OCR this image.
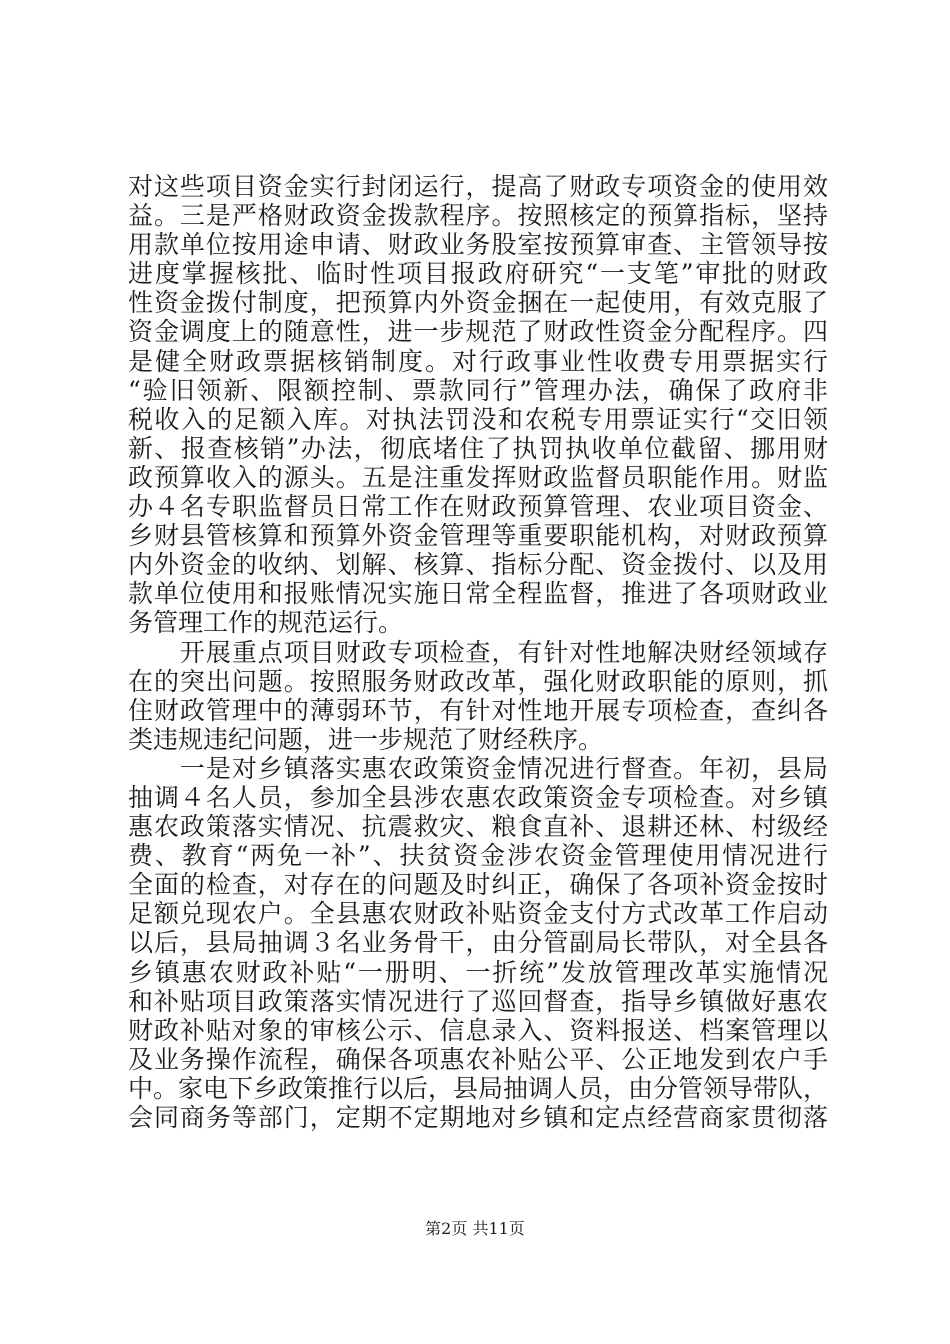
对这些项目资金实行封闭运行，提高了财政专项资金的使用效
益。三是严格财政资金拨款程序。按照核定的预算指标，坚持
用款单位按用途申请、财政业务股室按预算审查、主管领导按
进度掌握核批、临时性项目报政府研究“一支笔”审批的财政
性资金拨付制度，把预算内外资金捆在一起使用，有效克服了
资金调度上的随意性，进一步规范了财政性资金分配程序。四
是健全财政票据核销制度。对行政事业性收费专用票据实行
“验旧领新、限额控制、票款同行”管理办法，确保了政府非
税收入的足额入库。对执法罚没和农税专用票证实行“交旧领
新、报查核销”办法，彻底堵住了执罚执收单位截留、挪用财
政预算收入的源头。五是注重发挥财政监督员职能作用。财监
办４名专职监督员日常工作在财政预算管理、农业项目资金、
乡财县管核算和预算外资金管理等重要职能机构，对财政预算
内外资金的收纳、划解、核算、指标分配、资金拨付、以及用
款单位使用和报账情况实施日常全程监督，推进了各项财政业
务管理工作的规范运行。

　　开展重点项目财政专项检查，有针对性地解决财经领域存
在的突出问题。按照服务财政改革，强化财政职能的原则，抓
住财政管理中的薄弱环节，有针对性地开展专项检查，查纠各
类违规违纪问题，进一步规范了财经秩序。

　　一是对乡镇落实惠农政策资金情况进行督查。年初，县局
抽调４名人员，参加全县涉农惠农政策资金专项检查。对乡镇
惠农政策落实情况、抗震救灾、粮食直补、退耕还林、村级经
费、教育“两免一补”、扶贫资金涉农资金管理使用情况进行
全面的检查，对存在的问题及时纠正，确保了各项补资金按时
足额兑现农户。全县惠农财政补贴资金支付方式改革工作启动
以后，县局抽调３名业务骨干，由分管副局长带队，对全县各
乡镇惠农财政补贴“一册明、一折统”发放管理改革实施情况
和补贴项目政策落实情况进行了巡回督查，指导乡镇做好惠农
财政补贴对象的审核公示、信息录入、资料报送、档案管理以
及业务操作流程，确保各项惠农补贴公平、公正地发到农户手
中。家电下乡政策推行以后，县局抽调人员，由分管领导带队，
会同商务等部门，定期不定期地对乡镇和定点经营商家贯彻落

第2页 共11页
